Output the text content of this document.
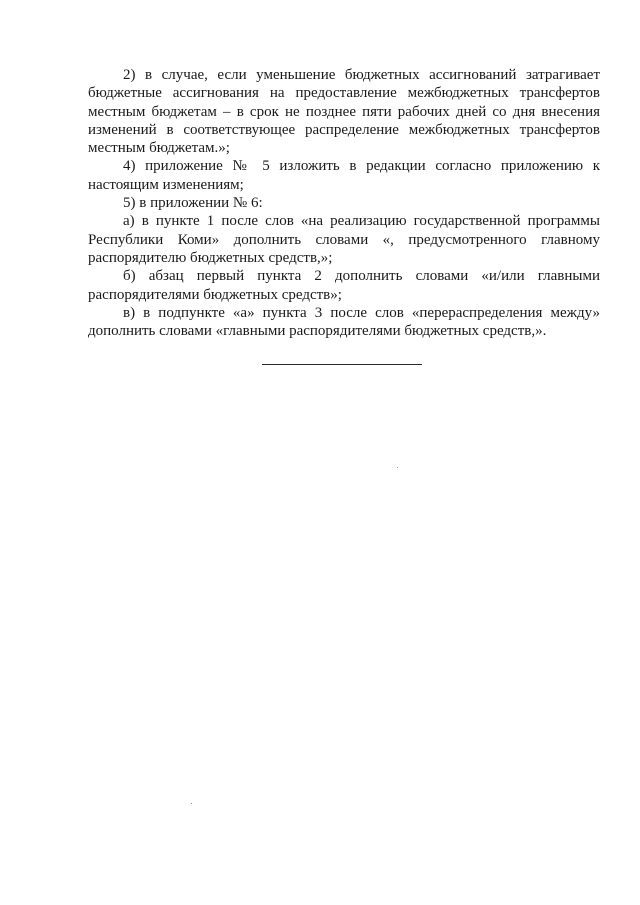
2) в случае, если уменьшение бюджетных ассигнований затрагивает бюджетные ассигнования на предоставление межбюджетных трансфертов местным бюджетам – в срок не позднее пяти рабочих дней со дня внесения изменений в соответствующее распределение межбюджетных трансфертов местным бюджетам.»;

4) приложение № 5 изложить в редакции согласно приложению к настоящим изменениям;

5) в приложении № 6:

а) в пункте 1 после слов «на реализацию государственной программы Республики Коми» дополнить словами «, предусмотренного главному распорядителю бюджетных средств,»;

б) абзац первый пункта 2 дополнить словами «и/или главными распорядителями бюджетных средств»;

в) в подпункте «а» пункта 3 после слов «перераспределения между» дополнить словами «главными распорядителями бюджетных средств,».
